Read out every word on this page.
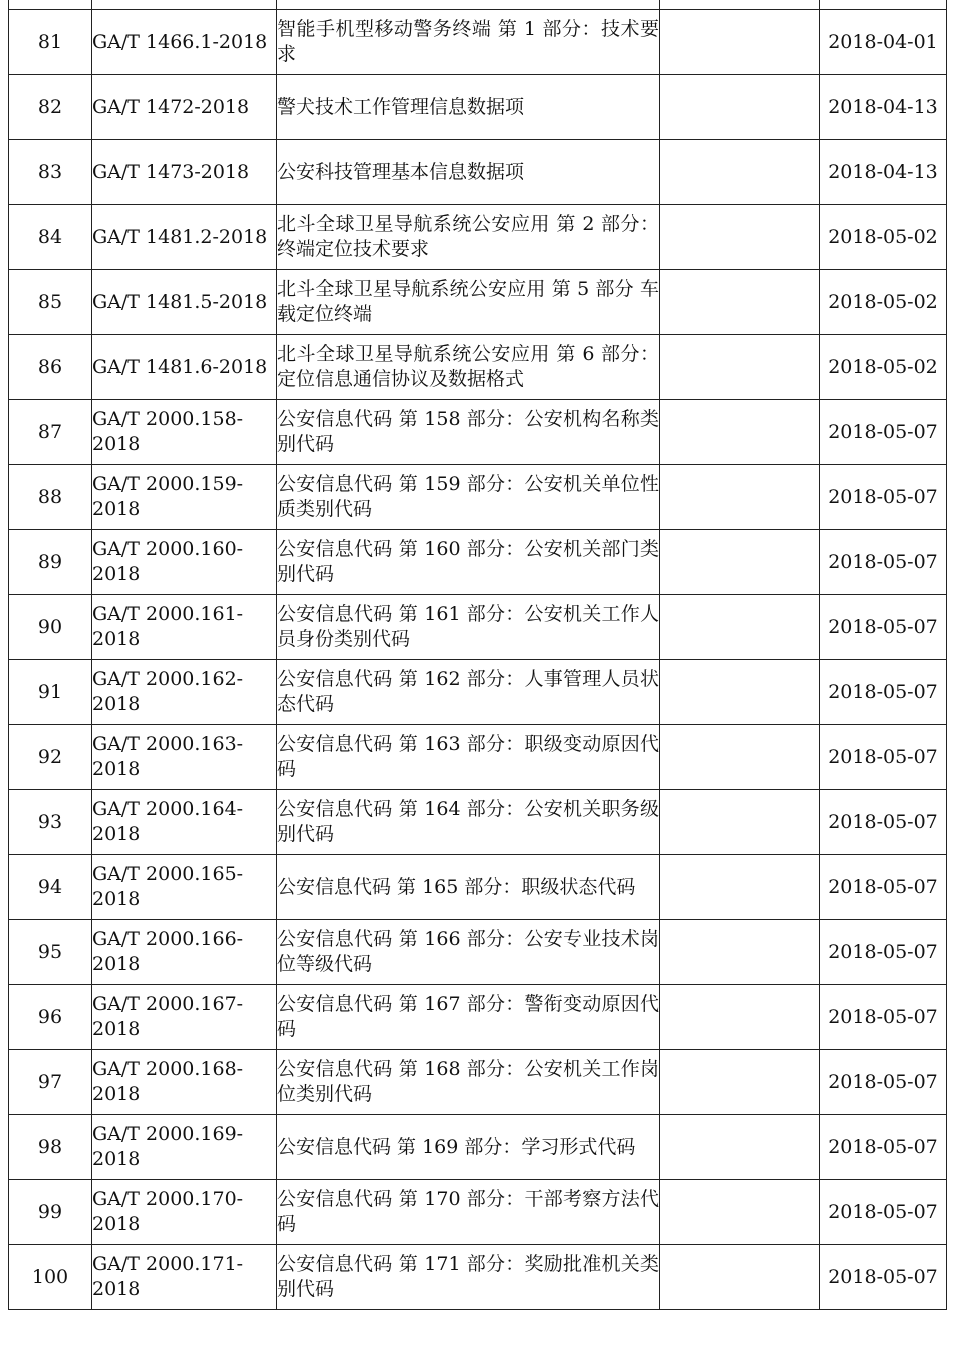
81	GA/T 1466.1-2018	智能手机型移动警务终端 第 1 部分：技术要求		2018-04-01
82	GA/T 1472-2018	警犬技术工作管理信息数据项		2018-04-13
83	GA/T 1473-2018	公安科技管理基本信息数据项		2018-04-13
84	GA/T 1481.2-2018	北斗全球卫星导航系统公安应用 第 2 部分：终端定位技术要求		2018-05-02
85	GA/T 1481.5-2018	北斗全球卫星导航系统公安应用 第 5 部分 车载定位终端		2018-05-02
86	GA/T 1481.6-2018	北斗全球卫星导航系统公安应用 第 6 部分：定位信息通信协议及数据格式		2018-05-02
87	GA/T 2000.158-2018	公安信息代码 第 158 部分：公安机构名称类别代码		2018-05-07
88	GA/T 2000.159-2018	公安信息代码 第 159 部分：公安机关单位性质类别代码		2018-05-07
89	GA/T 2000.160-2018	公安信息代码 第 160 部分：公安机关部门类别代码		2018-05-07
90	GA/T 2000.161-2018	公安信息代码 第 161 部分：公安机关工作人员身份类别代码		2018-05-07
91	GA/T 2000.162-2018	公安信息代码 第 162 部分：人事管理人员状态代码		2018-05-07
92	GA/T 2000.163-2018	公安信息代码 第 163 部分：职级变动原因代码		2018-05-07
93	GA/T 2000.164-2018	公安信息代码 第 164 部分：公安机关职务级别代码		2018-05-07
94	GA/T 2000.165-2018	公安信息代码 第 165 部分：职级状态代码		2018-05-07
95	GA/T 2000.166-2018	公安信息代码 第 166 部分：公安专业技术岗位等级代码		2018-05-07
96	GA/T 2000.167-2018	公安信息代码 第 167 部分：警衔变动原因代码		2018-05-07
97	GA/T 2000.168-2018	公安信息代码 第 168 部分：公安机关工作岗位类别代码		2018-05-07
98	GA/T 2000.169-2018	公安信息代码 第 169 部分：学习形式代码		2018-05-07
99	GA/T 2000.170-2018	公安信息代码 第 170 部分：干部考察方法代码		2018-05-07
100	GA/T 2000.171-2018	公安信息代码 第 171 部分：奖励批准机关类别代码		2018-05-07
